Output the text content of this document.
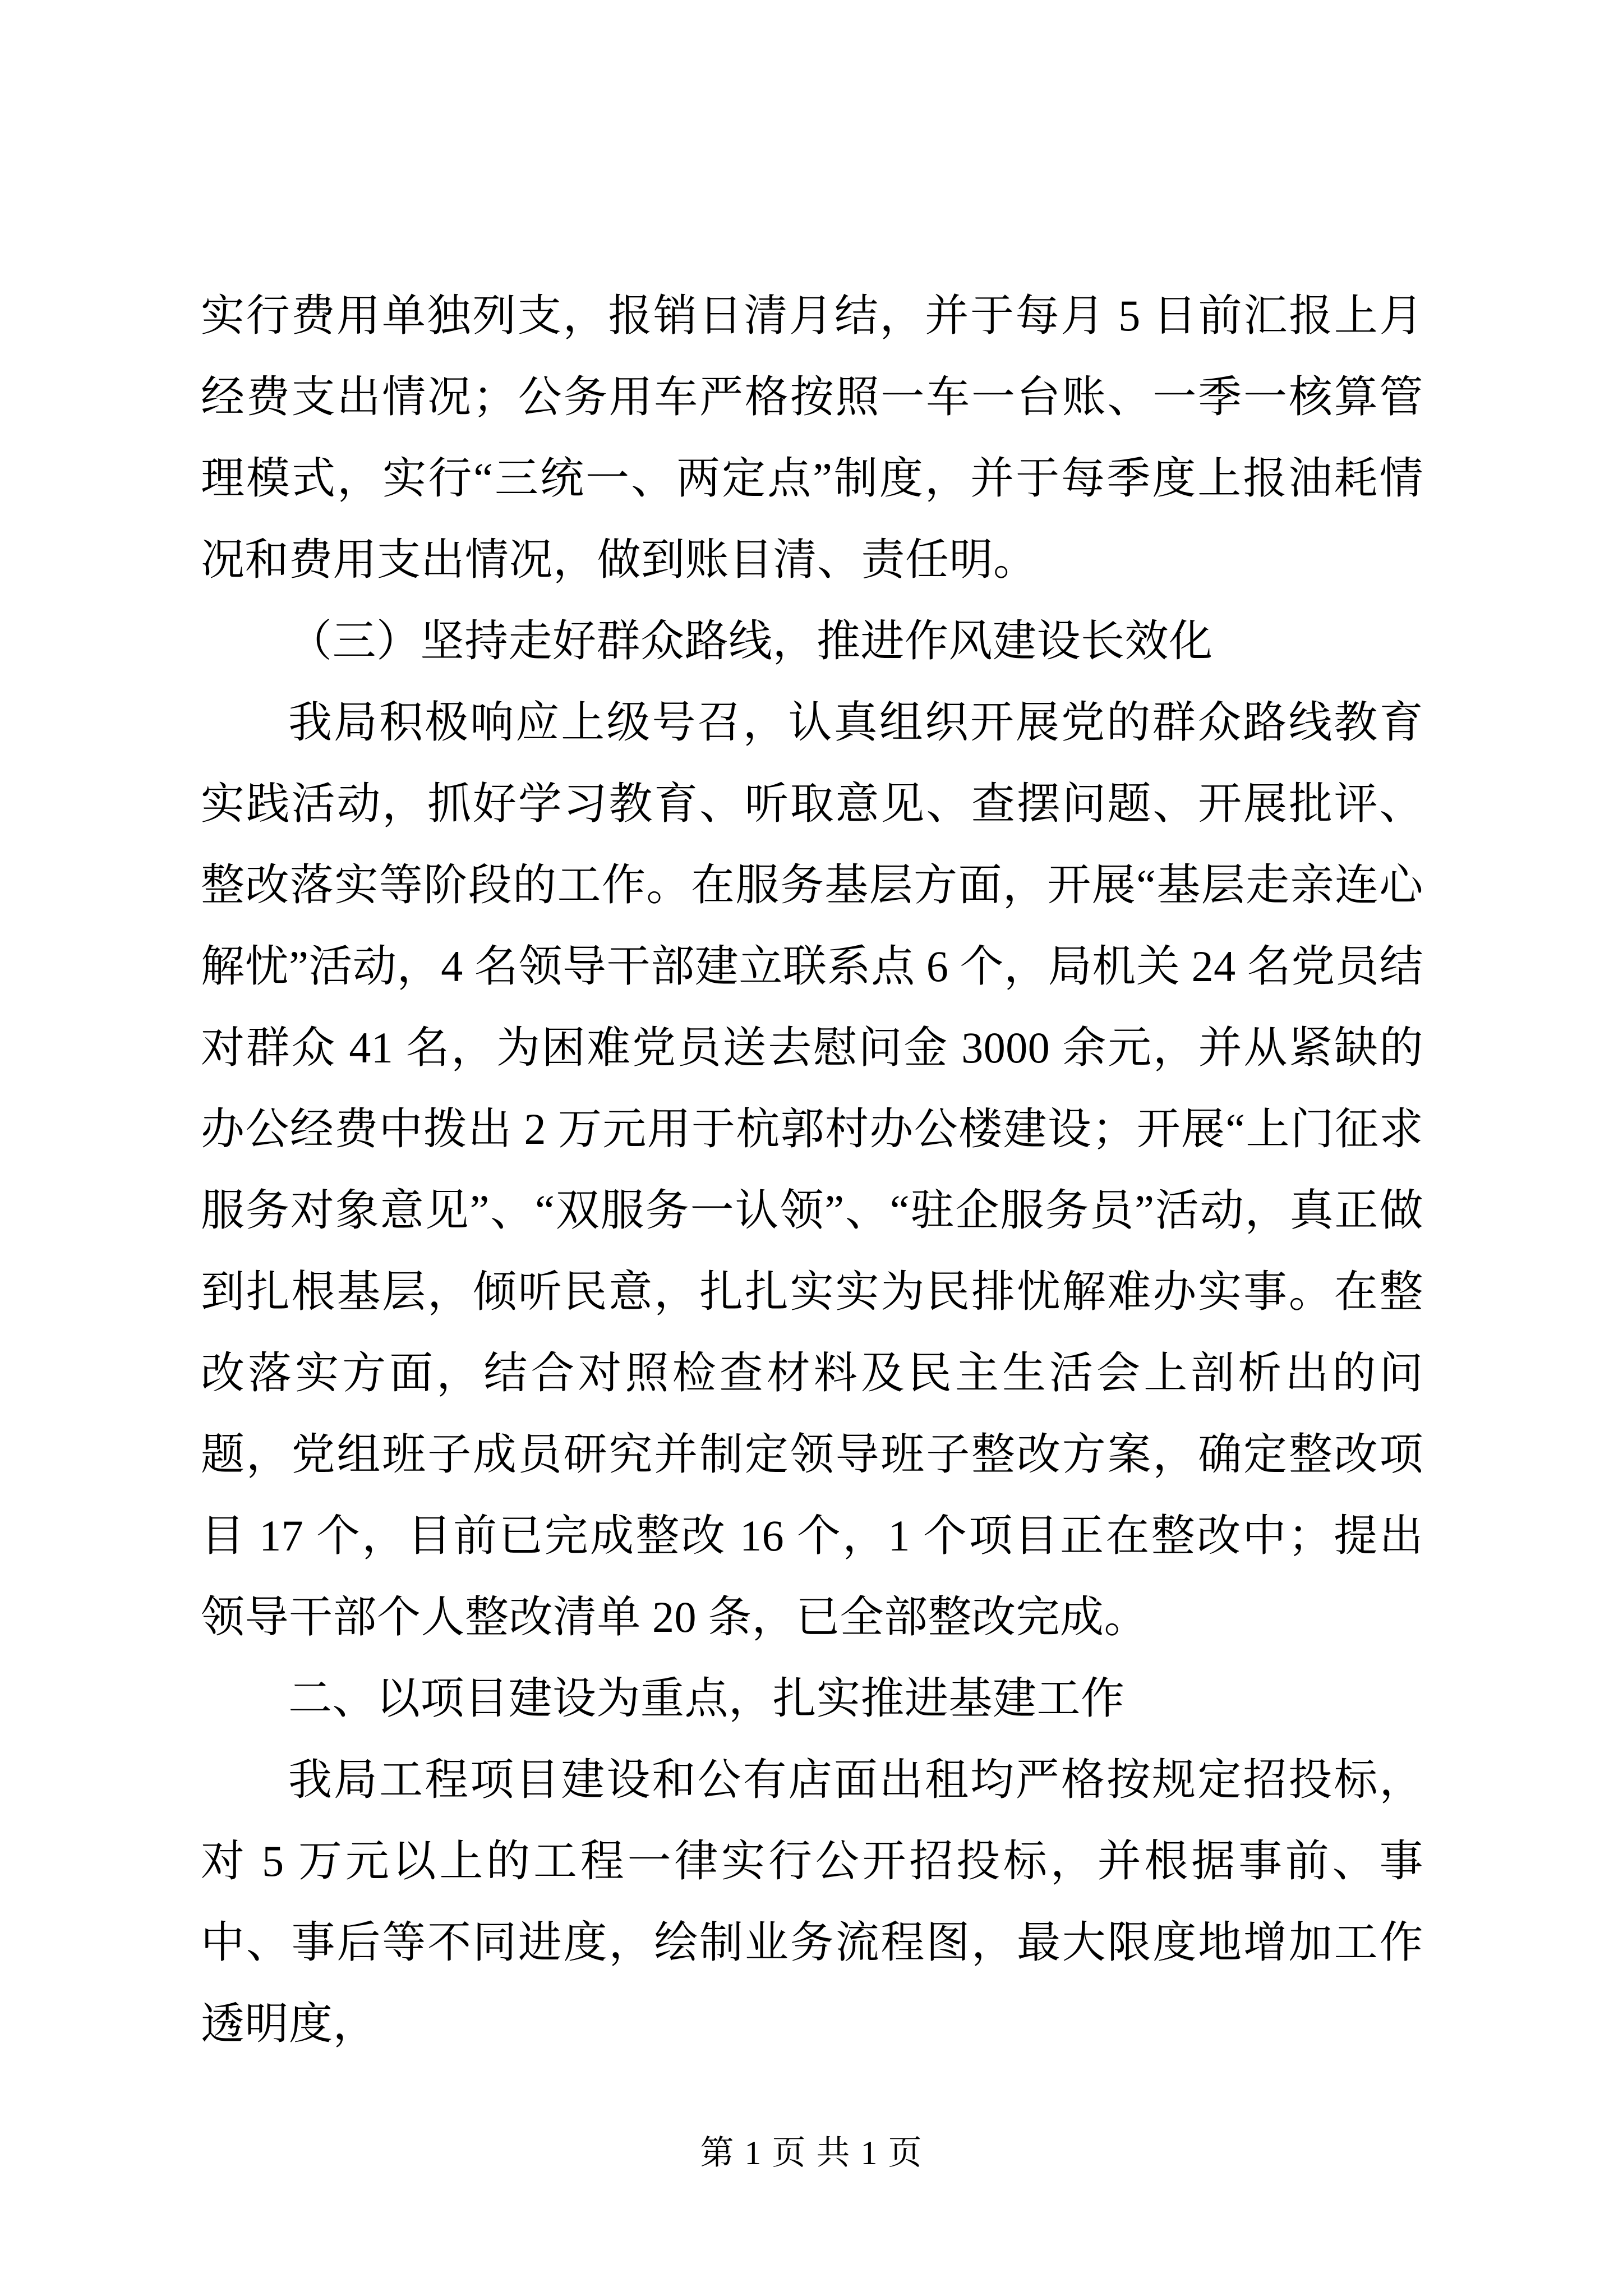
实行费用单独列支，报销日清月结，并于每月 5 日前汇报上月经费支出情况；公务用车严格按照一车一台账、一季一核算管理模式，实行“三统一、两定点”制度，并于每季度上报油耗情况和费用支出情况，做到账目清、责任明。

（三）坚持走好群众路线，推进作风建设长效化

我局积极响应上级号召，认真组织开展党的群众路线教育实践活动，抓好学习教育、听取意见、查摆问题、开展批评、整改落实等阶段的工作。在服务基层方面，开展“基层走亲连心解忧”活动，4 名领导干部建立联系点 6 个，局机关 24 名党员结对群众 41 名，为困难党员送去慰问金 3000 余元，并从紧缺的办公经费中拨出 2 万元用于杭郭村办公楼建设；开展“上门征求服务对象意见”、“双服务一认领”、“驻企服务员”活动，真正做到扎根基层，倾听民意，扎扎实实为民排忧解难办实事。在整改落实方面，结合对照检查材料及民主生活会上剖析出的问题，党组班子成员研究并制定领导班子整改方案，确定整改项目 17 个，目前已完成整改 16 个，1 个项目正在整改中；提出领导干部个人整改清单 20 条，已全部整改完成。

二、以项目建设为重点，扎实推进基建工作

我局工程项目建设和公有店面出租均严格按规定招投标，对 5 万元以上的工程一律实行公开招投标，并根据事前、事中、事后等不同进度，绘制业务流程图，最大限度地增加工作透明度，

第 1 页 共 1 页
